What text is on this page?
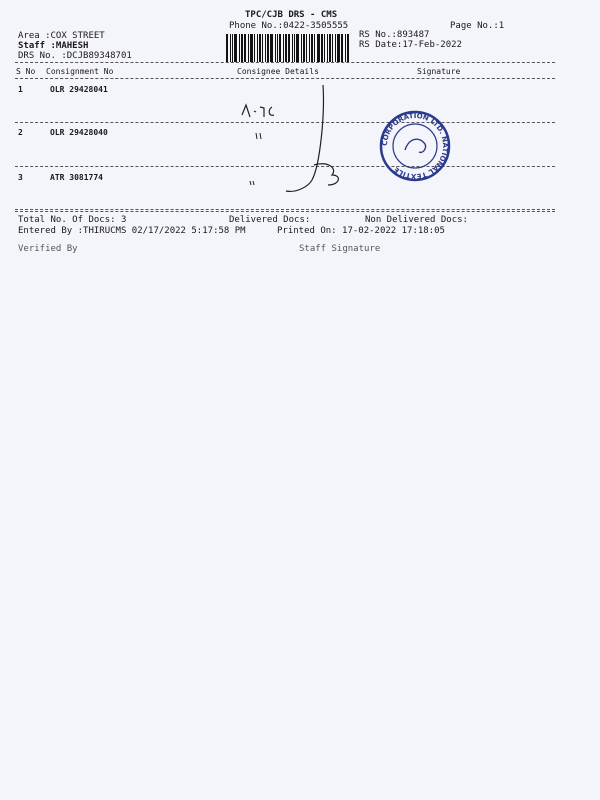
TPC/CJB DRS - CMS
Phone No.:0422-3505555	Page No.:1
Area :COX STREET
Staff :MAHESH
DRS No. :DCJB89348701
RS No.:893487
RS Date:17-Feb-2022
S No Consignment No	Consignee Details	Signature
1	OLR 29428041
2	OLR 29428040
3	ATR 3081774
CORPORATION LTD. NATIONAL TEXTILE
Total No. Of Docs: 3	Delivered Docs:	Non Delivered Docs:
Entered By :THIRUCMS 02/17/2022 5:17:58 PM	Printed On: 17-02-2022 17:18:05
Verified By	Staff Signature
